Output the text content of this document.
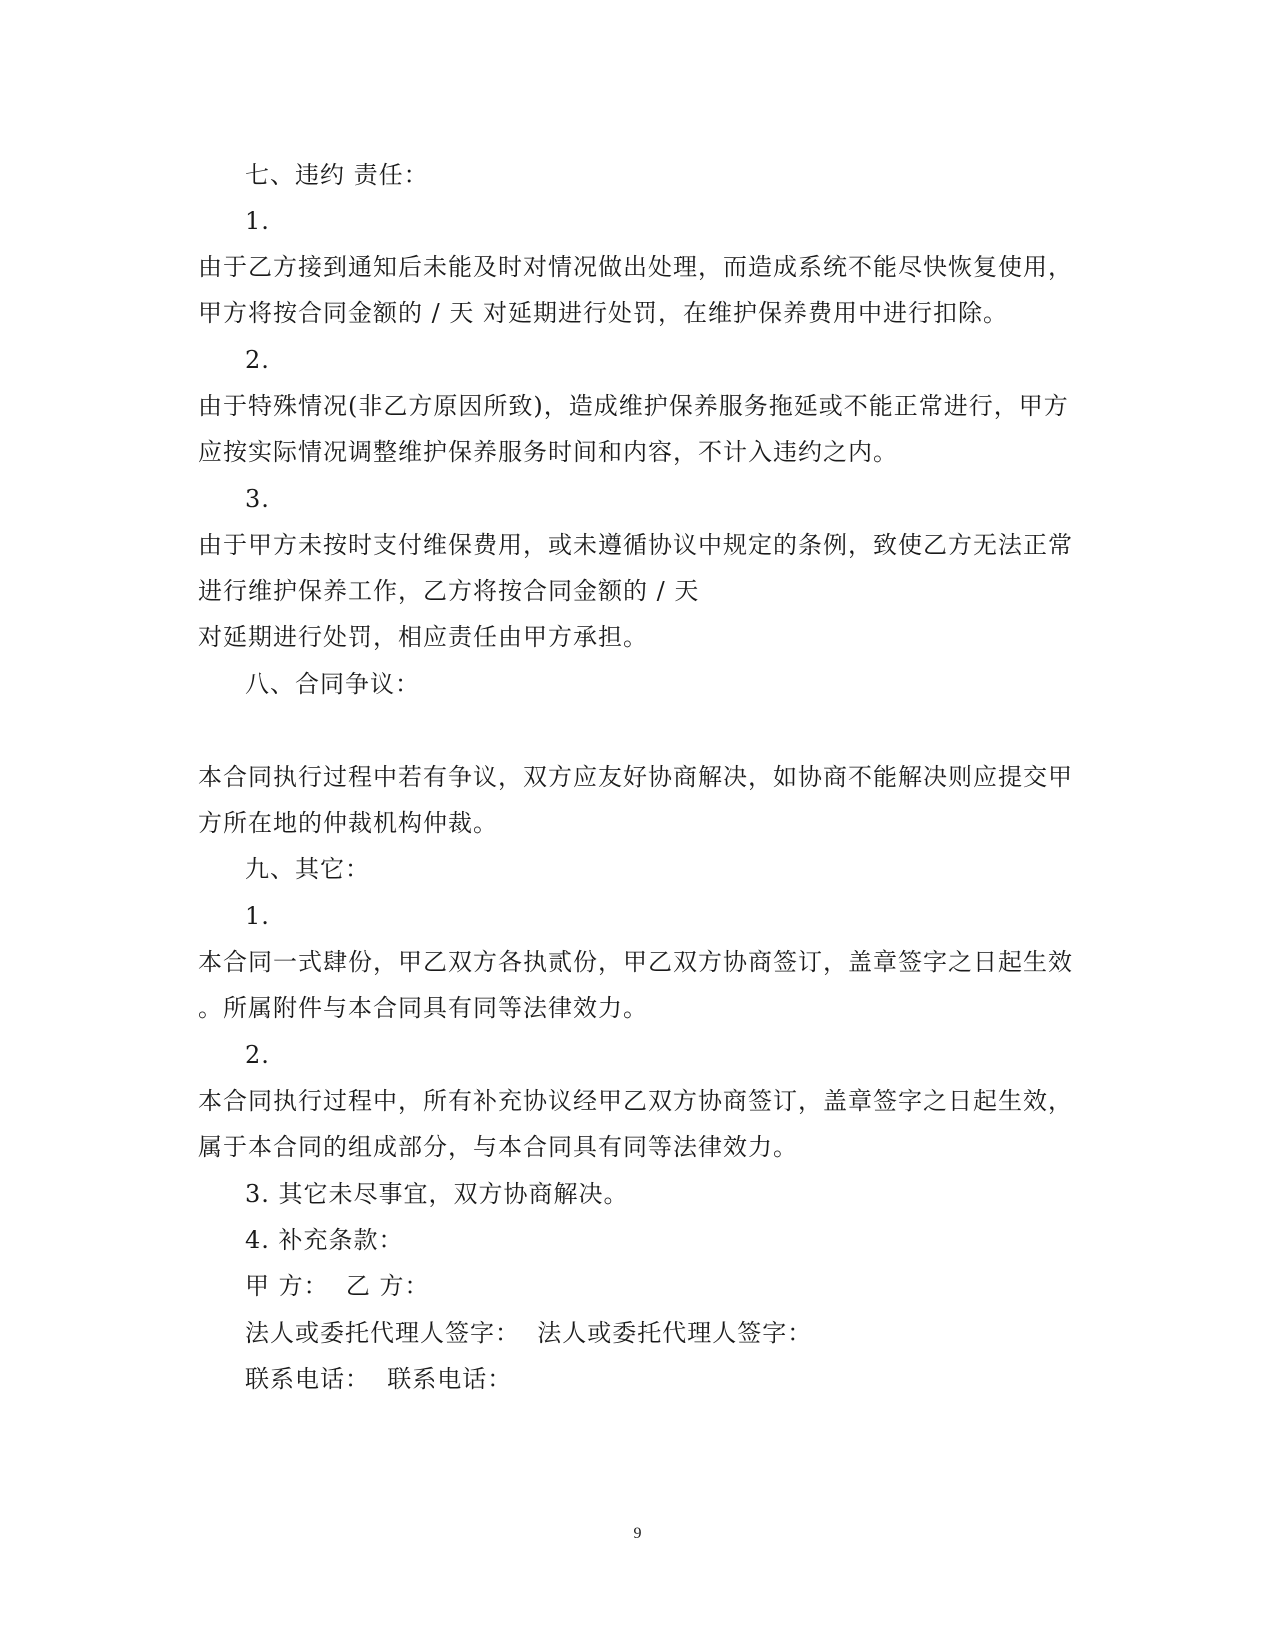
七、违约 责任：
1.
由于乙方接到通知后未能及时对情况做出处理，而造成系统不能尽快恢复使用，
甲方将按合同金额的 / 天 对延期进行处罚，在维护保养费用中进行扣除。
2.
由于特殊情况(非乙方原因所致)，造成维护保养服务拖延或不能正常进行，甲方
应按实际情况调整维护保养服务时间和内容，不计入违约之内。
3.
由于甲方未按时支付维保费用，或未遵循协议中规定的条例，致使乙方无法正常
进行维护保养工作，乙方将按合同金额的 / 天
对延期进行处罚，相应责任由甲方承担。
八、合同争议：
本合同执行过程中若有争议，双方应友好协商解决，如协商不能解决则应提交甲
方所在地的仲裁机构仲裁。
九、其它：
1.
本合同一式肆份，甲乙双方各执贰份，甲乙双方协商签订，盖章签字之日起生效
。所属附件与本合同具有同等法律效力。
2.
本合同执行过程中，所有补充协议经甲乙双方协商签订，盖章签字之日起生效，
属于本合同的组成部分，与本合同具有同等法律效力。
3. 其它未尽事宜，双方协商解决。
4. 补充条款：
甲 方：  乙 方：
法人或委托代理人签字：  法人或委托代理人签字：
联系电话：  联系电话：
9
